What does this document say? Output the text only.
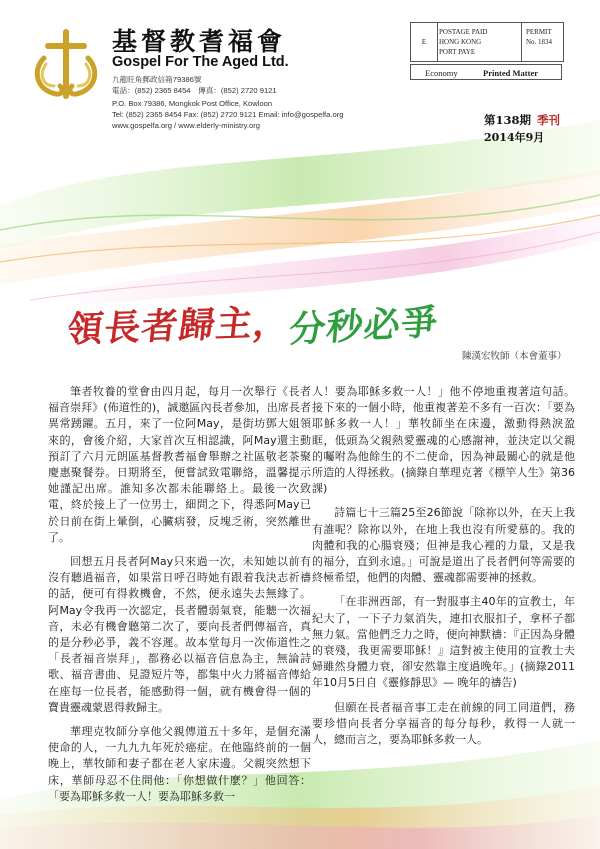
基督教耆福會
Gospel For The Aged Ltd.
九龍旺角郵政信箱79386號
電話：(852) 2365 8454　傳真：(852) 2720 9121
P.O. Box 79386, Mongkok Post Office, Kowloon
Tel: (852) 2365 8454 Fax: (852) 2720 9121 Email: info@gospelfa.org
www.gospelfa.org / www.elderly-ministry.org
E
POSTAGE PAID
HONG KONG
PORT PAYE
PERMIT
No. 1834
Economy	Printed Matter
第138期 季刊
2014年9月
領長者歸主，分秒必爭
陳漢宏牧師（本會董事）

筆者牧養的堂會由四月起，每月一次舉行《長者福音崇拜》(佈道性的)，誠邀區內長者參加，出席長者異常踴躍。五月，來了一位阿May，是街坊鄧大姐領來的，會後介紹，大家首次互相認識，阿May還主動預訂了六月元朗區基督教耆福會舉辦之社區敬老茶聚慶惠聚餐券。日期將至，便嘗試致電聯絡，溫馨提示她謹記出席。誰知多次都未能聯絡上。最後一次致電，終於接上了一位男士，細問之下，得悉阿May已於日前在街上暈倒，心臟病發，反塊乏術，突然離世了。

回想五月長者阿May只來過一次，未知她以前有沒有聽過福音，如果當日呼召時她有跟着我決志祈禱的話，便可有得救機會，不然，便永遠失去無緣了。阿May令我再一次認定，長者體弱氣衰，能聽一次福音，未必有機會聽第二次了，要向長者們傳福音，真的是分秒必爭，義不容遲。故本堂每月一次佈道性之「長者福音崇拜」，都務必以福音信息為主，無論詩歌、福音書曲、見證短片等，都集中火力將福音傳給在座每一位長者，能感動得一個，就有機會得一個的寶貴靈魂蒙恩得救歸主。

華理克牧師分享他父親傳道五十多年，是個充滿使命的人，一九九九年死於癌症。在他臨終前的一個晚上，華牧師和妻子都在老人家床邊。父親突然想下床，華師母忍不住問他：「你想做什麼？」他回答：「要為耶穌多救一人！要為耶穌多救一

人！要為耶穌多救一人！」他不停地重複著這句話。接下來的一個小時，他重複著差不多有一百次：「要為耶穌多救一人！」華牧師坐在床邊，激動得熱淚盈眶，低頭為父親熱愛靈魂的心感謝神，並決定以父親的囑咐為他餘生的不二使命，因為神最關心的就是他所造的人得拯救。(摘錄自華理克著《標竿人生》第36課)

詩篇七十三篇25至26節說「除祢以外，在天上我有誰呢？除祢以外，在地上我也沒有所愛慕的。我的肉體和我的心腸衰殘；但神是我心裡的力量，又是我的福分，直到永遠。」可說是道出了長者們何等需要的終極希望，他們的肉體、靈魂都需要神的拯救。

「在非洲西部，有一對服事主40年的宣教士，年紀大了，一下子力氣消失，連扣衣服扣子，拿杯子都無力氣。當他們乏力之時，便向神默禱：『正因為身體的衰殘，我更需要耶穌！』這對被主使用的宣教士夫婦雖然身體力衰，卻安然靠主度過晚年。」(摘錄2011年10月5日自《靈修靜思》— 晚年的禱告)

但願在長者福音事工走在前線的同工同道們，務要珍惜向長者分享福音的每分每秒，救得一人就一人，總而言之，要為耶穌多救一人。
